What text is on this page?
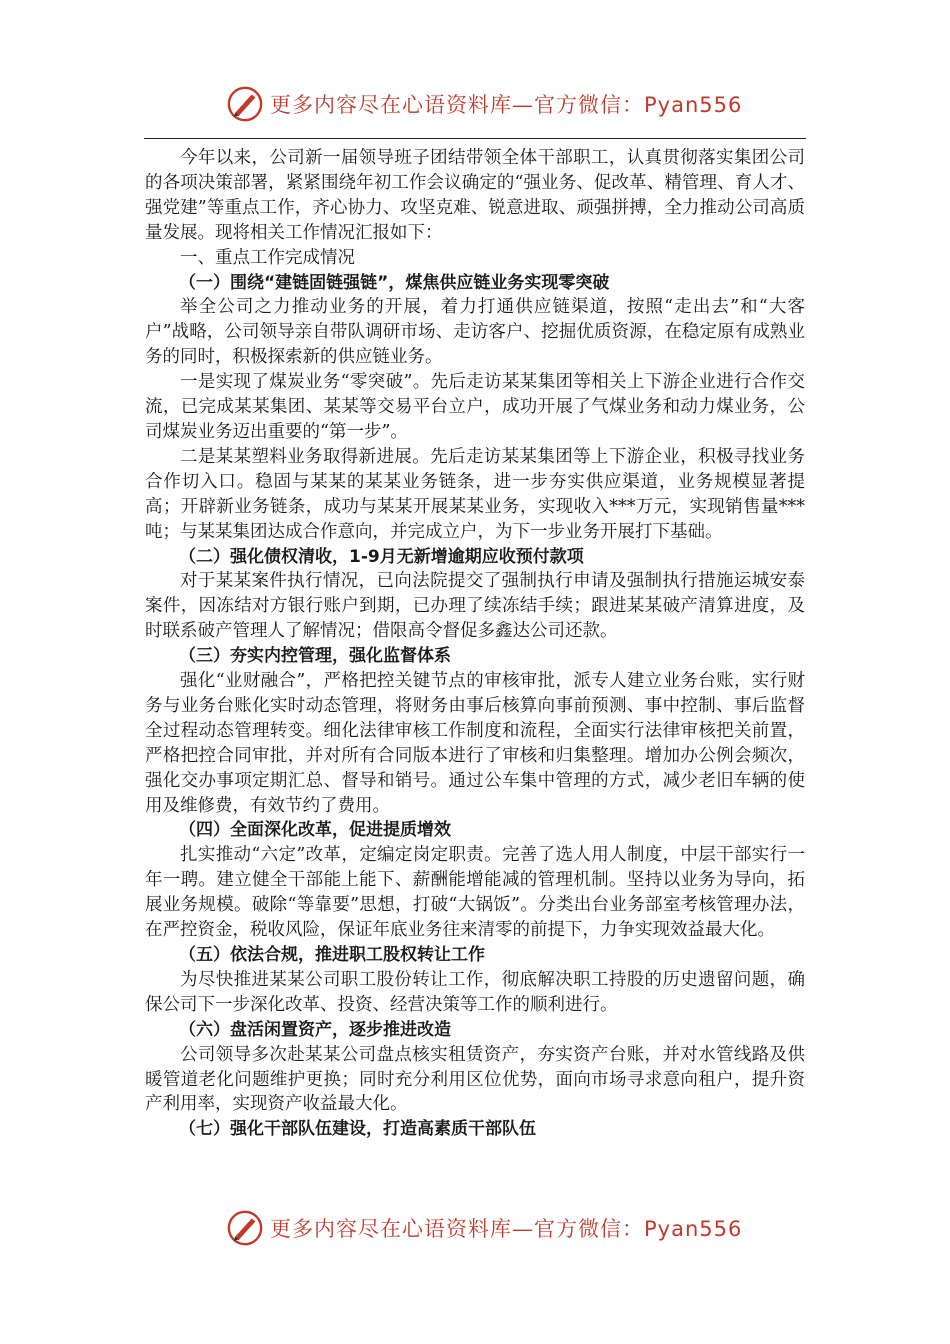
更多内容尽在心语资料库—官方微信：Pyan556

今年以来，公司新一届领导班子团结带领全体干部职工，认真贯彻落实集团公司的各项决策部署，紧紧围绕年初工作会议确定的“强业务、促改革、精管理、育人才、强党建”等重点工作，齐心协力、攻坚克难、锐意进取、顽强拼搏，全力推动公司高质量发展。现将相关工作情况汇报如下：

一、重点工作完成情况

（一）围绕“建链固链强链”，煤焦供应链业务实现零突破

举全公司之力推动业务的开展，着力打通供应链渠道，按照“走出去”和“大客户”战略，公司领导亲自带队调研市场、走访客户、挖掘优质资源，在稳定原有成熟业务的同时，积极探索新的供应链业务。

一是实现了煤炭业务“零突破”。先后走访某某集团等相关上下游企业进行合作交流，已完成某某集团、某某等交易平台立户，成功开展了气煤业务和动力煤业务，公司煤炭业务迈出重要的“第一步”。

二是某某塑料业务取得新进展。先后走访某某集团等上下游企业，积极寻找业务合作切入口。稳固与某某的某某业务链条，进一步夯实供应渠道，业务规模显著提高；开辟新业务链条，成功与某某开展某某业务，实现收入***万元，实现销售量***吨；与某某集团达成合作意向，并完成立户，为下一步业务开展打下基础。

（二）强化债权清收，1-9月无新增逾期应收预付款项

对于某某案件执行情况，已向法院提交了强制执行申请及强制执行措施运城安泰案件，因冻结对方银行账户到期，已办理了续冻结手续；跟进某某破产清算进度，及时联系破产管理人了解情况；借限高令督促多鑫达公司还款。

（三）夯实内控管理，强化监督体系

强化“业财融合”，严格把控关键节点的审核审批，派专人建立业务台账，实行财务与业务台账化实时动态管理，将财务由事后核算向事前预测、事中控制、事后监督全过程动态管理转变。细化法律审核工作制度和流程，全面实行法律审核把关前置，严格把控合同审批，并对所有合同版本进行了审核和归集整理。增加办公例会频次，强化交办事项定期汇总、督导和销号。通过公车集中管理的方式，减少老旧车辆的使用及维修费，有效节约了费用。

（四）全面深化改革，促进提质增效

扎实推动“六定”改革，定编定岗定职责。完善了选人用人制度，中层干部实行一年一聘。建立健全干部能上能下、薪酬能增能减的管理机制。坚持以业务为导向，拓展业务规模。破除“等靠要”思想，打破“大锅饭”。分类出台业务部室考核管理办法，在严控资金，税收风险，保证年底业务往来清零的前提下，力争实现效益最大化。

（五）依法合规，推进职工股权转让工作

为尽快推进某某公司职工股份转让工作，彻底解决职工持股的历史遗留问题，确保公司下一步深化改革、投资、经营决策等工作的顺利进行。

（六）盘活闲置资产，逐步推进改造

公司领导多次赴某某公司盘点核实租赁资产，夯实资产台账，并对水管线路及供暖管道老化问题维护更换；同时充分利用区位优势，面向市场寻求意向租户，提升资产利用率，实现资产收益最大化。

（七）强化干部队伍建设，打造高素质干部队伍

更多内容尽在心语资料库—官方微信：Pyan556
